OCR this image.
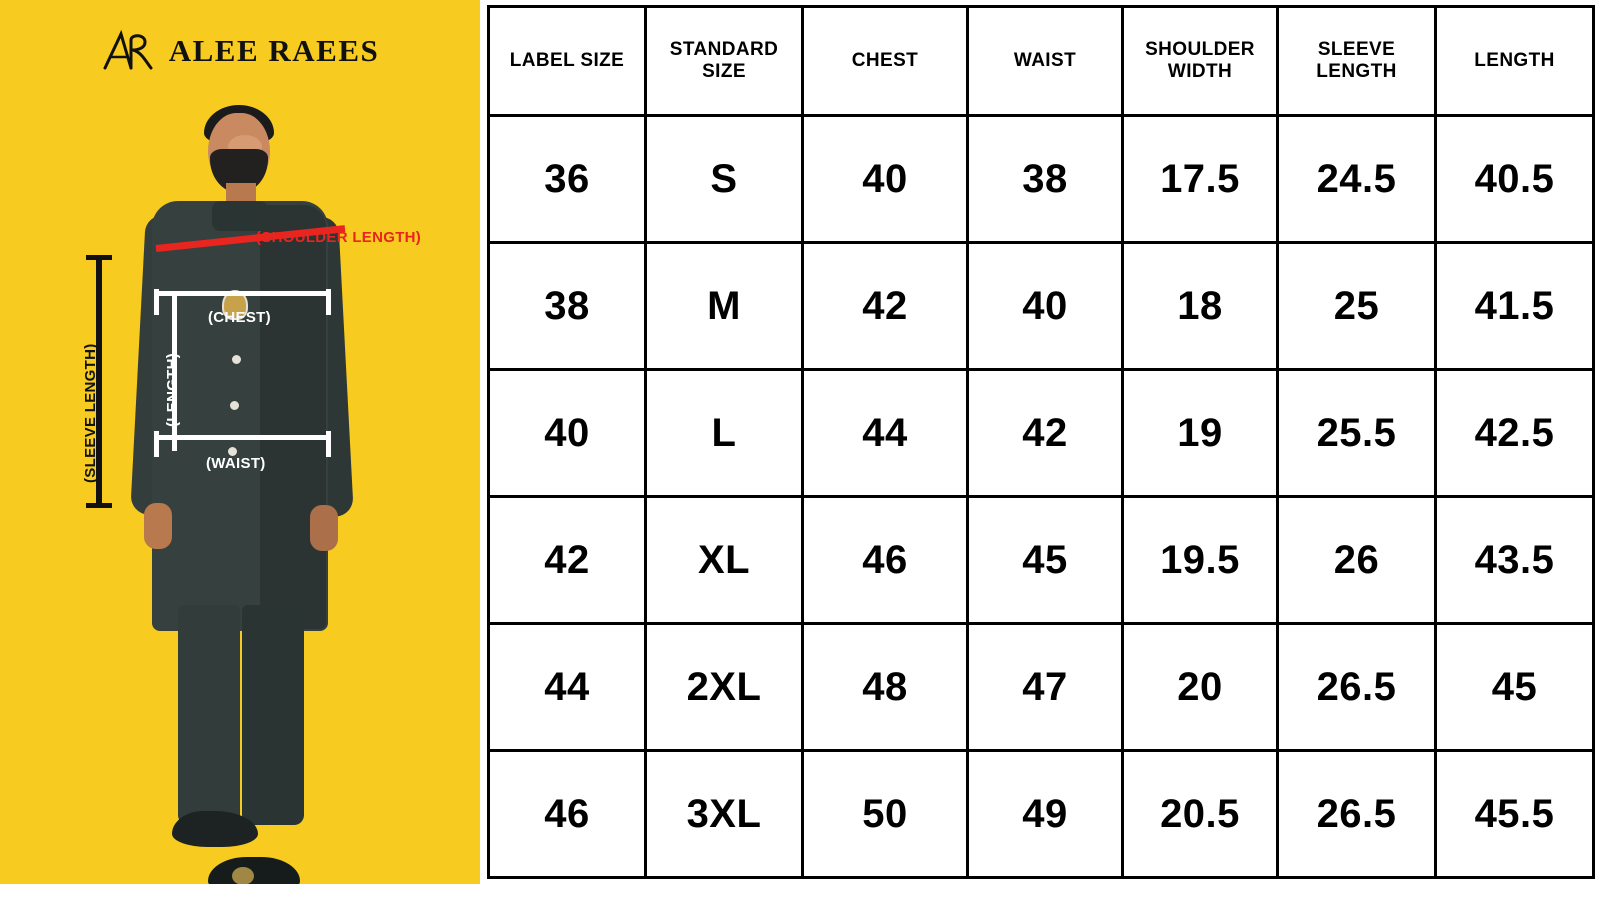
ALEE RAEES
(SHOULDER LENGTH)
(SLEEVE LENGTH)
(CHEST)
(LENGTH)
(WAIST)
LABEL SIZE	STANDARD SIZE	CHEST	WAIST	SHOULDER WIDTH	SLEEVE LENGTH	LENGTH
36	S	40	38	17.5	24.5	40.5
38	M	42	40	18	25	41.5
40	L	44	42	19	25.5	42.5
42	XL	46	45	19.5	26	43.5
44	2XL	48	47	20	26.5	45
46	3XL	50	49	20.5	26.5	45.5
